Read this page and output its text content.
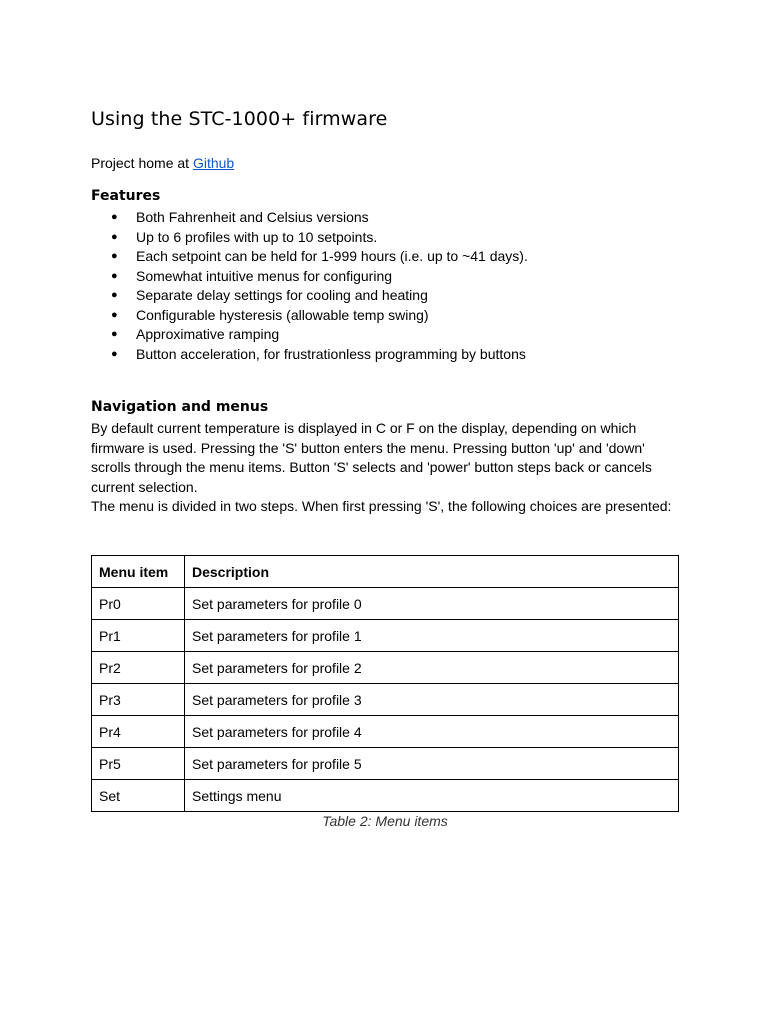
Using the STC-1000+ firmware

Project home at Github

Features
● Both Fahrenheit and Celsius versions
● Up to 6 profiles with up to 10 setpoints.
● Each setpoint can be held for 1-999 hours (i.e. up to ~41 days).
● Somewhat intuitive menus for configuring
● Separate delay settings for cooling and heating
● Configurable hysteresis (allowable temp swing)
● Approximative ramping
● Button acceleration, for frustrationless programming by buttons
Navigation and menus

By default current temperature is displayed in C or F on the display, depending on which
firmware is used. Pressing the 'S' button enters the menu. Pressing button 'up' and 'down'
scrolls through the menu items. Button 'S' selects and 'power' button steps back or cancels
current selection.
The menu is divided in two steps. When first pressing 'S', the following choices are presented:

Menu item	Description
Pr0	Set parameters for profile 0
Pr1	Set parameters for profile 1
Pr2	Set parameters for profile 2
Pr3	Set parameters for profile 3
Pr4	Set parameters for profile 4
Pr5	Set parameters for profile 5
Set	Settings menu
Table 2: Menu items
